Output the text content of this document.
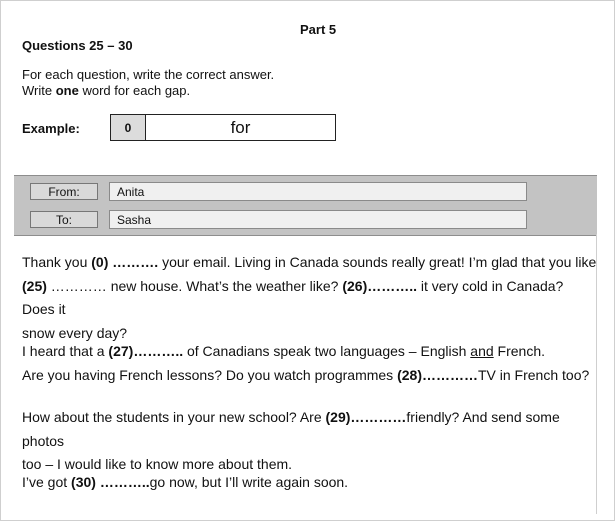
Part 5
Questions 25 – 30
For each question, write the correct answer.
Write one word for each gap.
Example:	0	for
From:	Anita
To:	Sasha

Thank you (0) ………. your email. Living in Canada sounds really great! I’m glad that you like

(25) ………… new house. What’s the weather like? (26)……….. it very cold in Canada? Does it

snow every day?

I heard that a (27)……….. of Canadians speak two languages – English and French.

Are you having French lessons? Do you watch programmes (28)…………TV in French too?

How about the students in your new school? Are (29)…………friendly? And send some photos

too – I would like to know more about them.

I’ve got (30) ………..go now, but I’ll write again soon.
